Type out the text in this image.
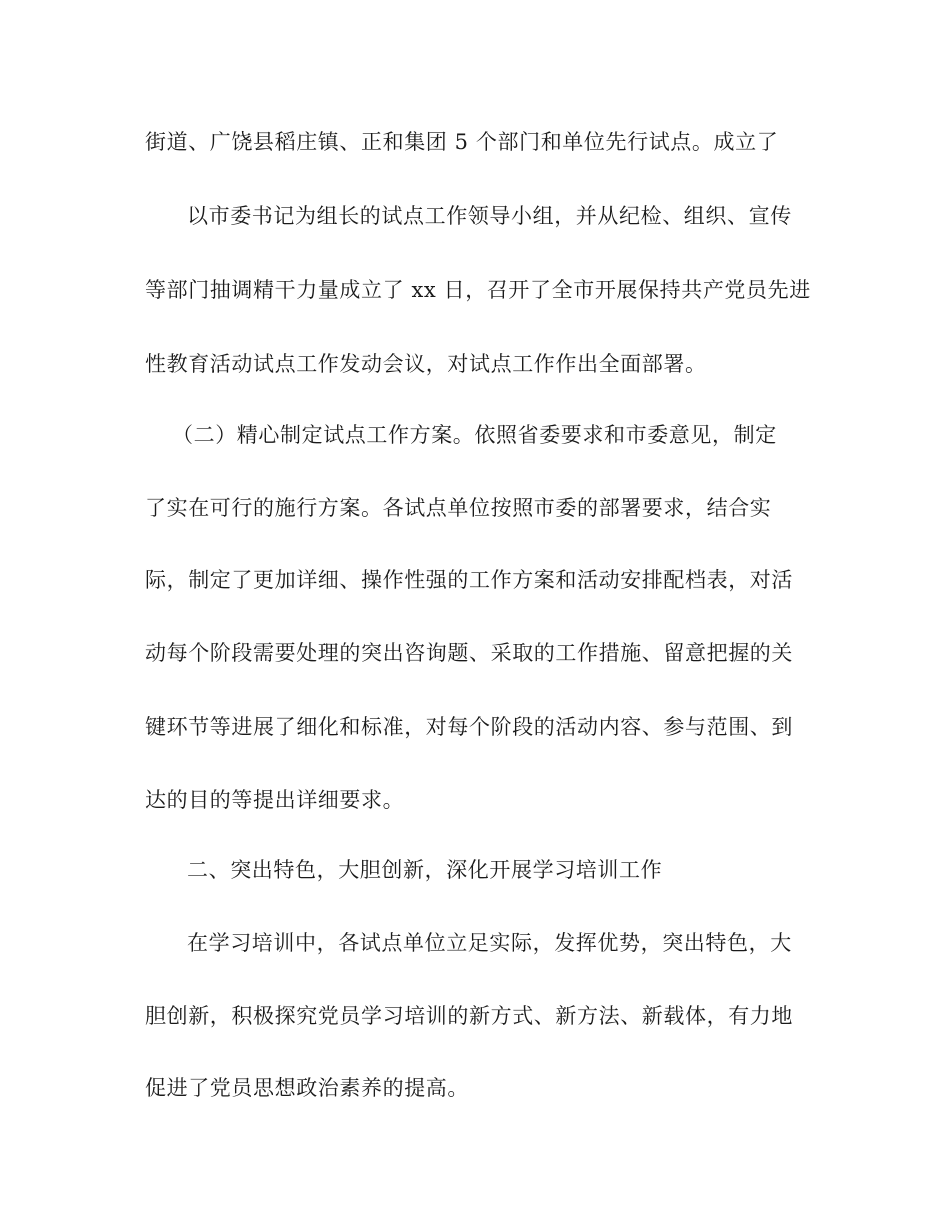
街道、广饶县稻庄镇、正和集团 5 个部门和单位先行试点。成立了
以市委书记为组长的试点工作领导小组，并从纪检、组织、宣传
等部门抽调精干力量成立了 xx 日，召开了全市开展保持共产党员先进
性教育活动试点工作发动会议，对试点工作作出全面部署。
（二）精心制定试点工作方案。依照省委要求和市委意见，制定
了实在可行的施行方案。各试点单位按照市委的部署要求，结合实
际，制定了更加详细、操作性强的工作方案和活动安排配档表，对活
动每个阶段需要处理的突出咨询题、采取的工作措施、留意把握的关
键环节等进展了细化和标准，对每个阶段的活动内容、参与范围、到
达的目的等提出详细要求。
二、突出特色，大胆创新，深化开展学习培训工作
在学习培训中，各试点单位立足实际，发挥优势，突出特色，大
胆创新，积极探究党员学习培训的新方式、新方法、新载体，有力地
促进了党员思想政治素养的提高。
